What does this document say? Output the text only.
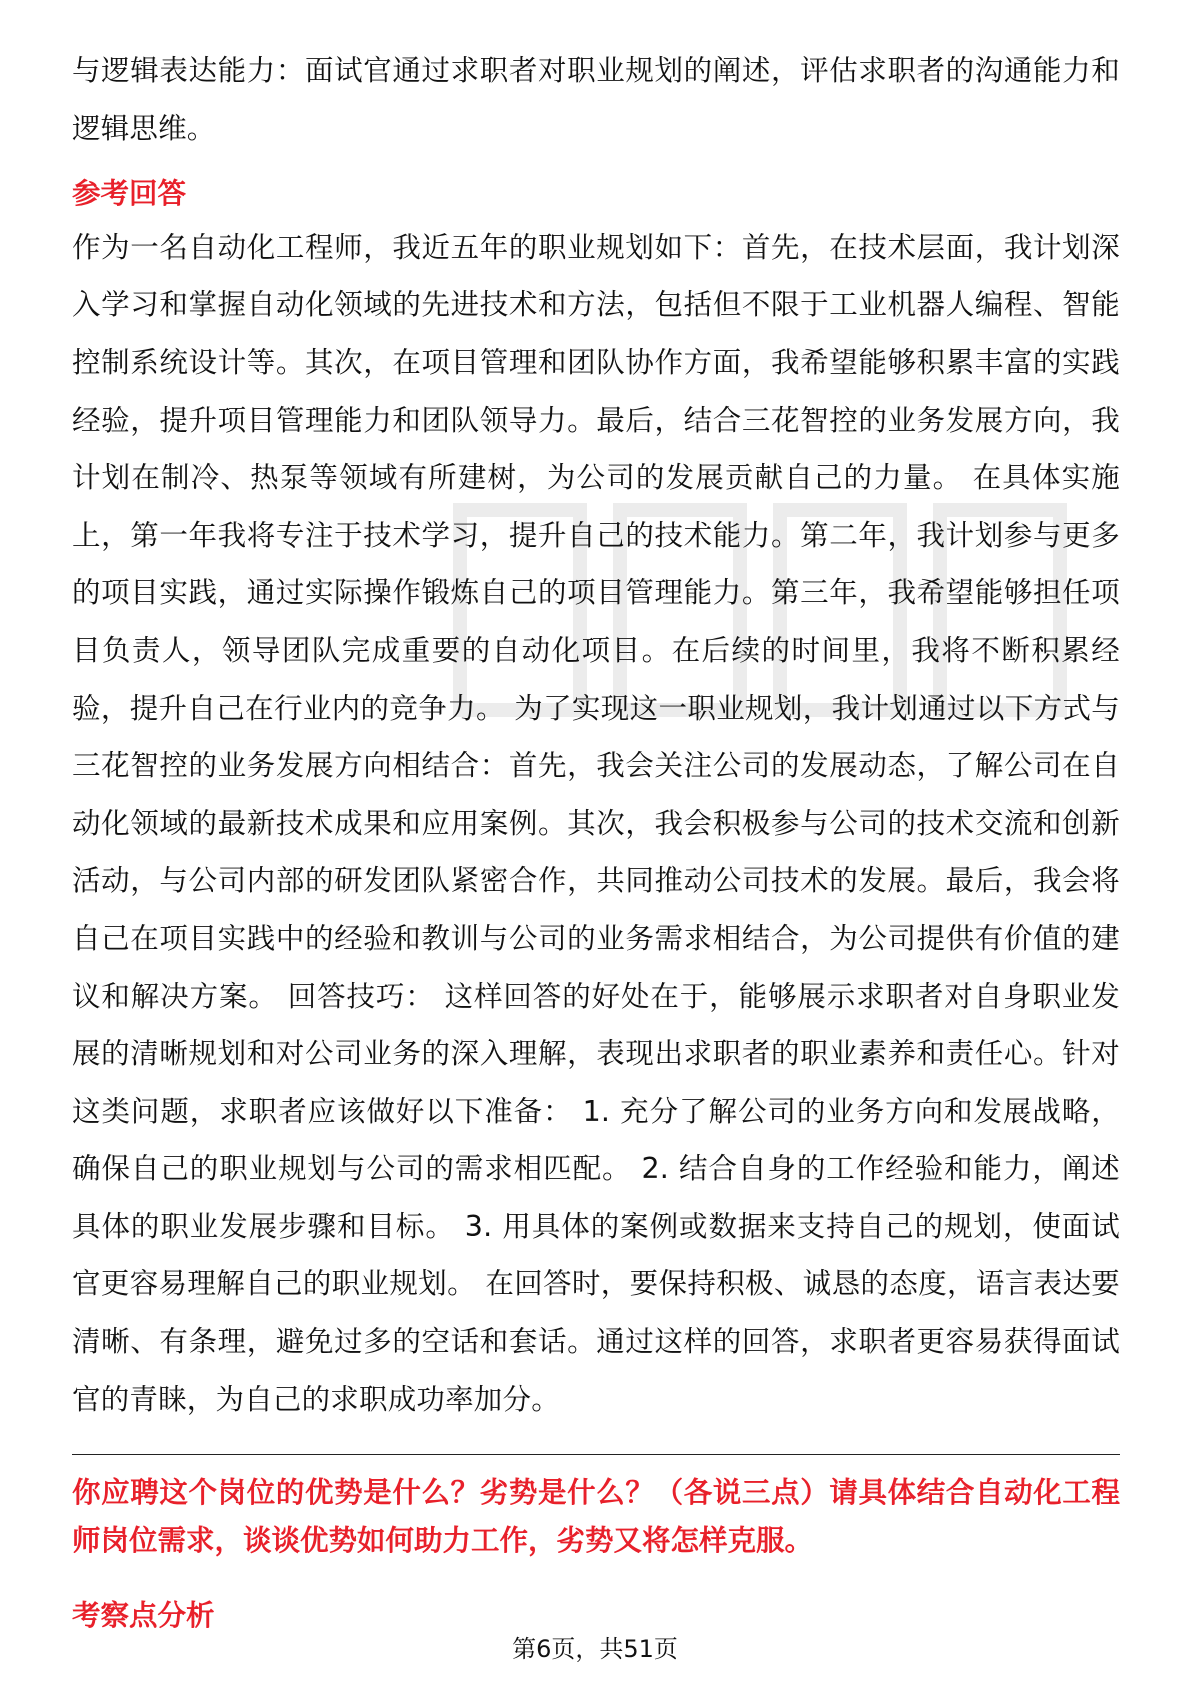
与逻辑表达能力：面试官通过求职者对职业规划的阐述，评估求职者的沟通能力和逻辑思维。

参考回答

作为一名自动化工程师，我近五年的职业规划如下：首先，在技术层面，我计划深入学习和掌握自动化领域的先进技术和方法，包括但不限于工业机器人编程、智能控制系统设计等。其次，在项目管理和团队协作方面，我希望能够积累丰富的实践经验，提升项目管理能力和团队领导力。最后，结合三花智控的业务发展方向，我计划在制冷、热泵等领域有所建树，为公司的发展贡献自己的力量。 在具体实施上，第一年我将专注于技术学习，提升自己的技术能力。第二年，我计划参与更多的项目实践，通过实际操作锻炼自己的项目管理能力。第三年，我希望能够担任项目负责人，领导团队完成重要的自动化项目。在后续的时间里，我将不断积累经验，提升自己在行业内的竞争力。 为了实现这一职业规划，我计划通过以下方式与三花智控的业务发展方向相结合：首先，我会关注公司的发展动态，了解公司在自动化领域的最新技术成果和应用案例。其次，我会积极参与公司的技术交流和创新活动，与公司内部的研发团队紧密合作，共同推动公司技术的发展。最后，我会将自己在项目实践中的经验和教训与公司的业务需求相结合，为公司提供有价值的建议和解决方案。 回答技巧： 这样回答的好处在于，能够展示求职者对自身职业发展的清晰规划和对公司业务的深入理解，表现出求职者的职业素养和责任心。针对这类问题，求职者应该做好以下准备： 1. 充分了解公司的业务方向和发展战略，确保自己的职业规划与公司的需求相匹配。 2. 结合自身的工作经验和能力，阐述具体的职业发展步骤和目标。 3. 用具体的案例或数据来支持自己的规划，使面试官更容易理解自己的职业规划。 在回答时，要保持积极、诚恳的态度，语言表达要清晰、有条理，避免过多的空话和套话。通过这样的回答，求职者更容易获得面试官的青睐，为自己的求职成功率加分。

你应聘这个岗位的优势是什么？劣势是什么？（各说三点）请具体结合自动化工程师岗位需求，谈谈优势如何助力工作，劣势又将怎样克服。

考察点分析
第6页，共51页
